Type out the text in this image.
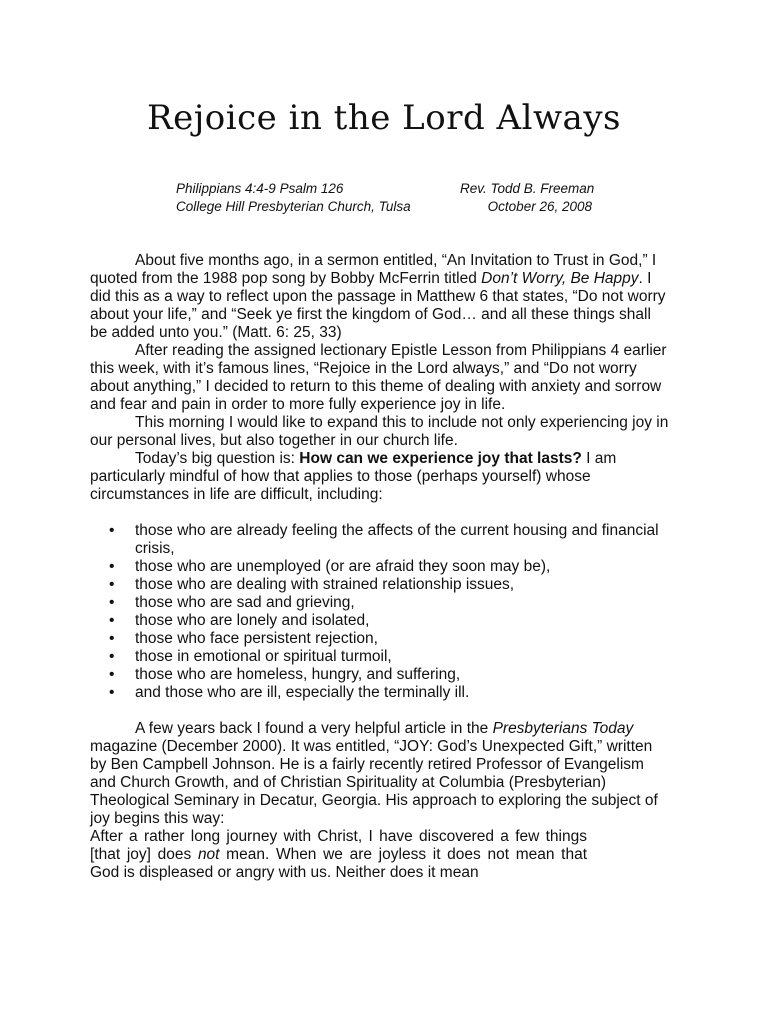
Rejoice in the Lord Always
Philippians 4:4-9 Psalm 126
College Hill Presbyterian Church, Tulsa
Rev. Todd B. Freeman
October 26, 2008

About five months ago, in a sermon entitled, “An Invitation to Trust in God,” I quoted from the 1988 pop song by Bobby McFerrin titled Don’t Worry, Be Happy. I did this as a way to reflect upon the passage in Matthew 6 that states, “Do not worry about your life,” and “Seek ye first the kingdom of God… and all these things shall be added unto you.” (Matt. 6: 25, 33)

After reading the assigned lectionary Epistle Lesson from Philippians 4 earlier this week, with it’s famous lines, “Rejoice in the Lord always,” and “Do not worry about anything,” I decided to return to this theme of dealing with anxiety and sorrow and fear and pain in order to more fully experience joy in life.

This morning I would like to expand this to include not only experiencing joy in our personal lives, but also together in our church life.

Today’s big question is: How can we experience joy that lasts? I am particularly mindful of how that applies to those (perhaps yourself) whose circumstances in life are difficult, including:

• those who are already feeling the affects of the current housing and financial crisis,
• those who are unemployed (or are afraid they soon may be),
• those who are dealing with strained relationship issues,
• those who are sad and grieving,
• those who are lonely and isolated,
• those who face persistent rejection,
• those in emotional or spiritual turmoil,
• those who are homeless, hungry, and suffering,
• and those who are ill, especially the terminally ill.

A few years back I found a very helpful article in the Presbyterians Today magazine (December 2000). It was entitled, “JOY: God’s Unexpected Gift,” written by Ben Campbell Johnson. He is a fairly recently retired Professor of Evangelism and Church Growth, and of Christian Spirituality at Columbia (Presbyterian) Theological Seminary in Decatur, Georgia. His approach to exploring the subject of joy begins this way:

After a rather long journey with Christ, I have discovered a few things [that joy] does not mean. When we are joyless it does not mean that God is displeased or angry with us. Neither does it mean
